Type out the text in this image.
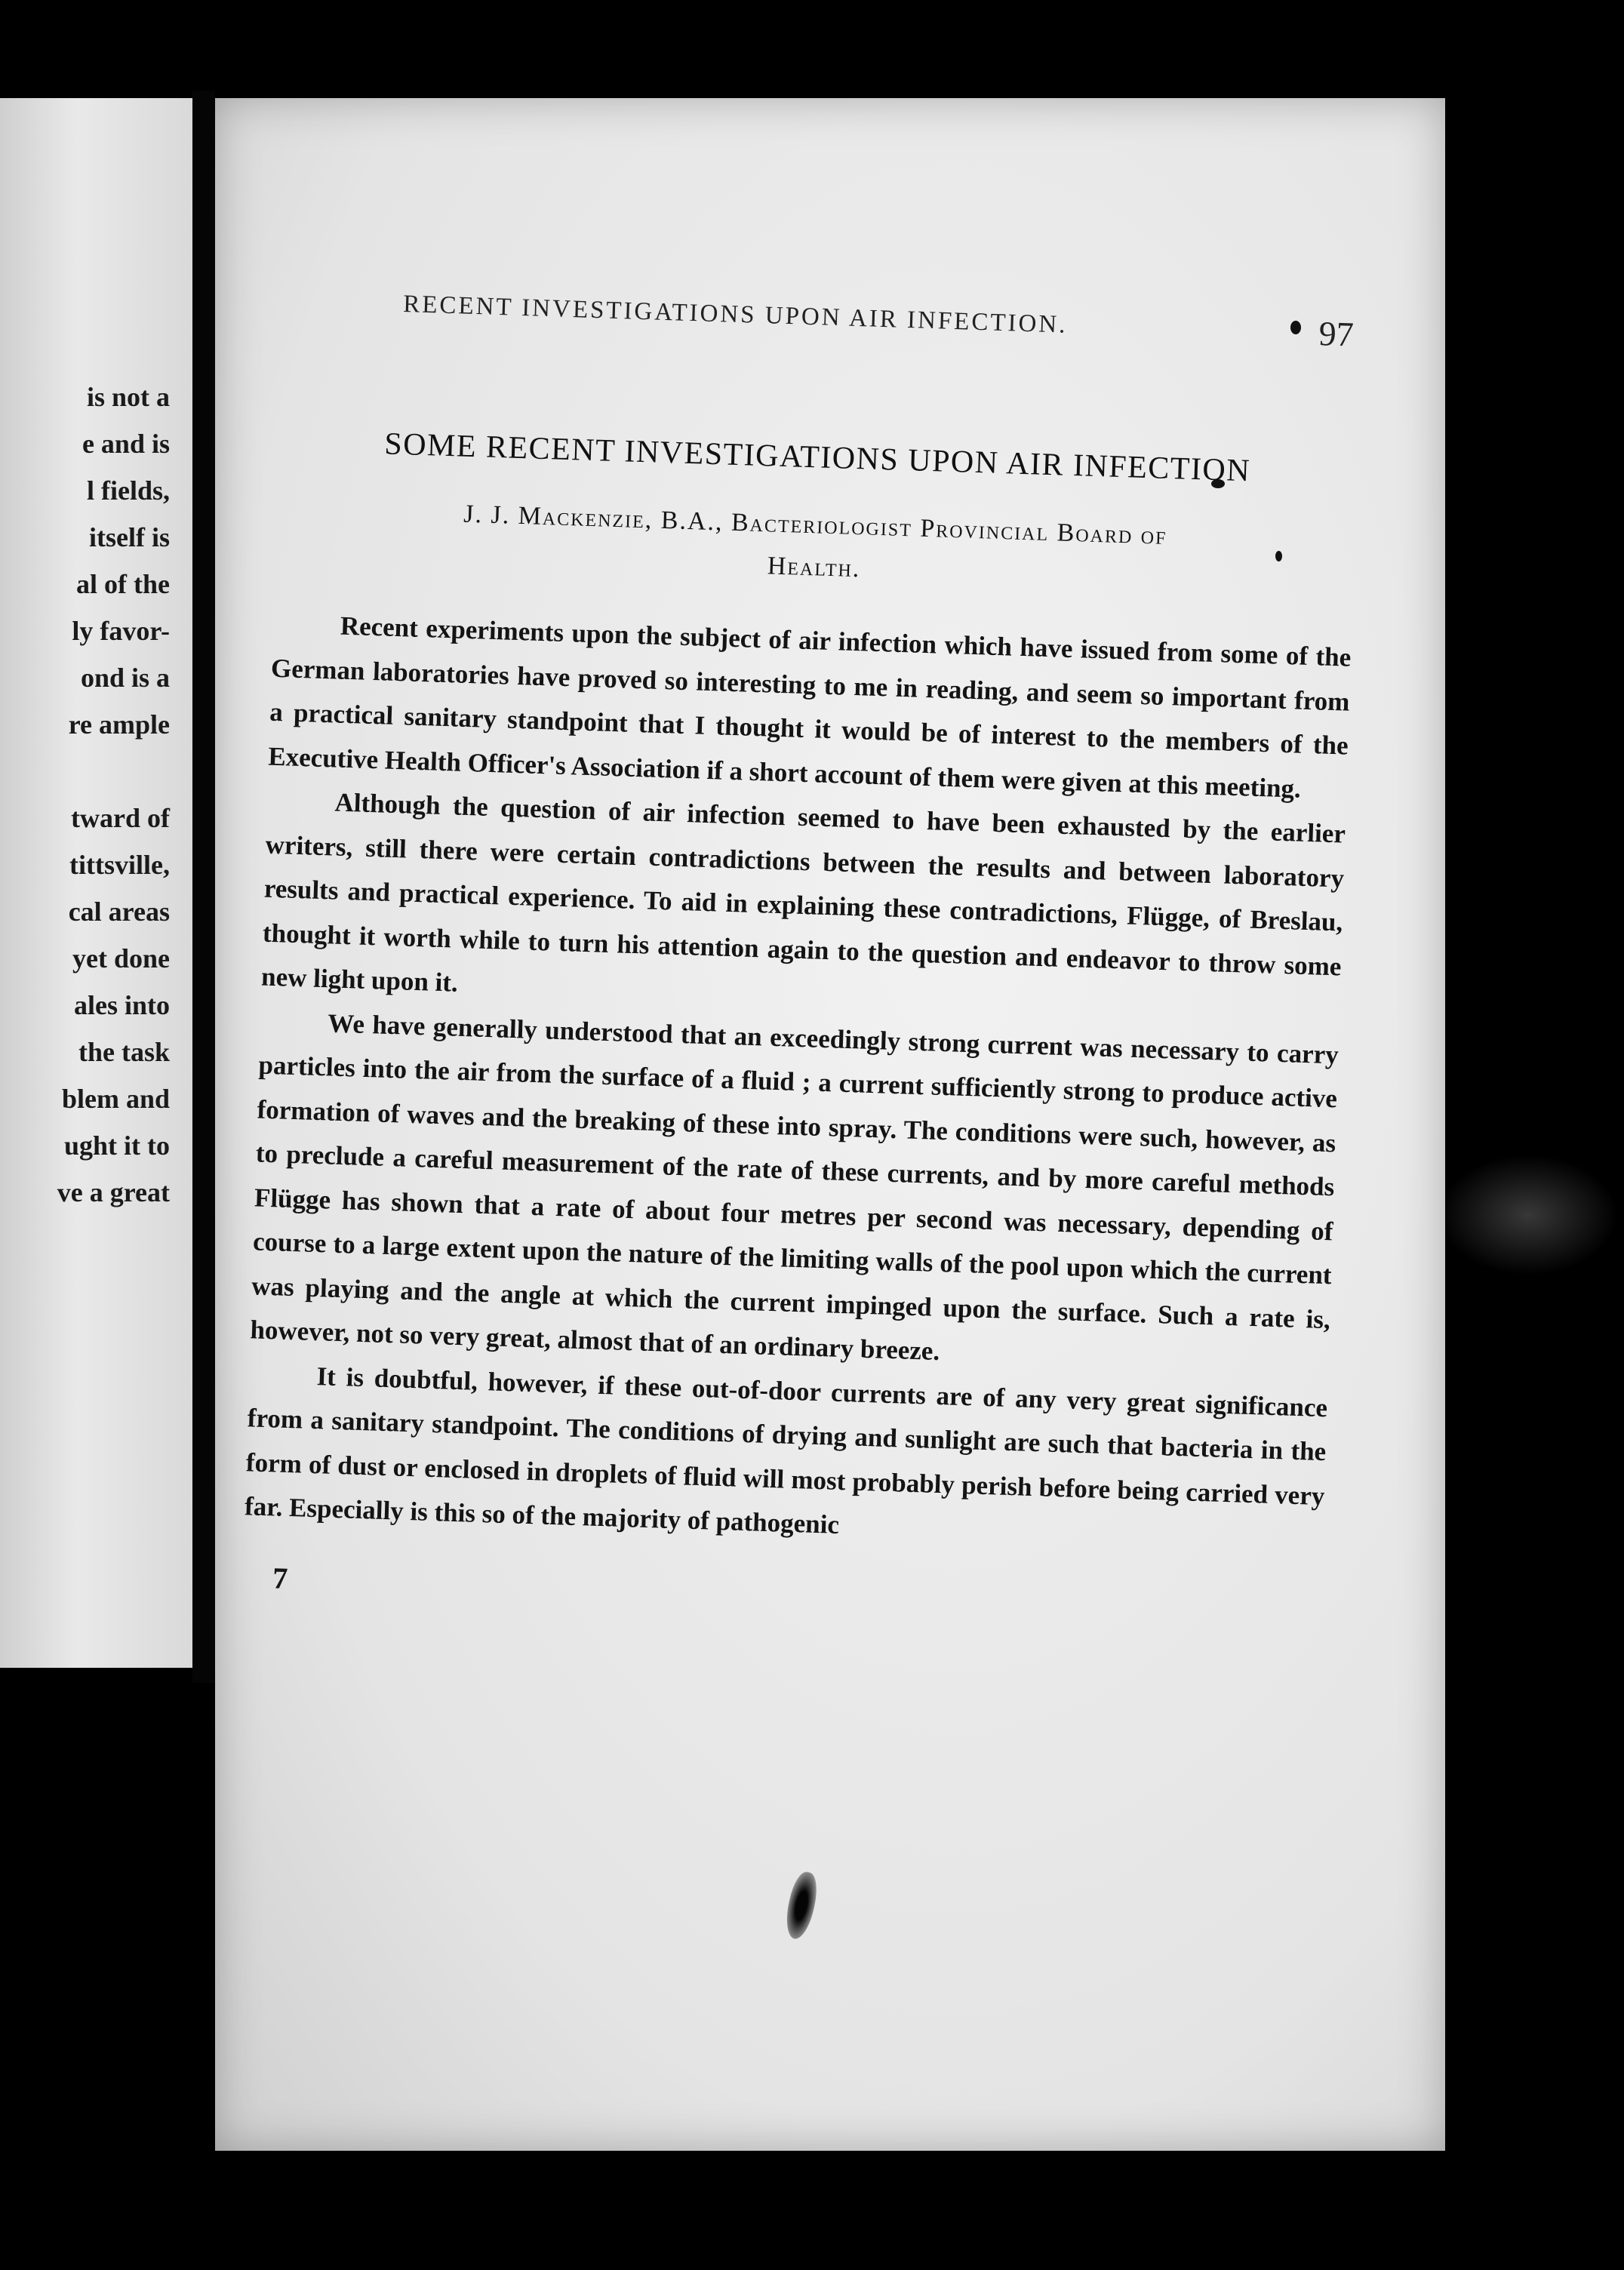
is not a
e and is
l fields,
itself is
al of the
ly favor-
ond is a
re ample
tward of
tittsville,
cal areas
yet done
ales into
the task
blem and
ught it to
ve a great
RECENT INVESTIGATIONS UPON AIR INFECTION.	97
SOME RECENT INVESTIGATIONS UPON AIR INFECTION
J. J. Mackenzie, B.A., Bacteriologist Provincial Board of
Health.

Recent experiments upon the subject of air infection which have issued from some of the German laboratories have proved so interesting to me in reading, and seem so important from a practical sanitary standpoint that I thought it would be of interest to the members of the Executive Health Officer's Association if a short account of them were given at this meeting.

Although the question of air infection seemed to have been exhausted by the earlier writers, still there were certain contradictions between the results and between laboratory results and practical experience. To aid in explaining these contradictions, Flügge, of Breslau, thought it worth while to turn his attention again to the question and endeavor to throw some new light upon it.

We have generally understood that an exceedingly strong current was necessary to carry particles into the air from the surface of a fluid ; a current sufficiently strong to produce active formation of waves and the breaking of these into spray. The conditions were such, however, as to preclude a careful measurement of the rate of these currents, and by more careful methods Flügge has shown that a rate of about four metres per second was necessary, depending of course to a large extent upon the nature of the limiting walls of the pool upon which the current was playing and the angle at which the current impinged upon the surface. Such a rate is, however, not so very great, almost that of an ordinary breeze.

It is doubtful, however, if these out-of-door currents are of any very great significance from a sanitary standpoint. The conditions of drying and sunlight are such that bacteria in the form of dust or enclosed in droplets of fluid will most probably perish before being carried very far. Especially is this so of the majority of pathogenic

7
